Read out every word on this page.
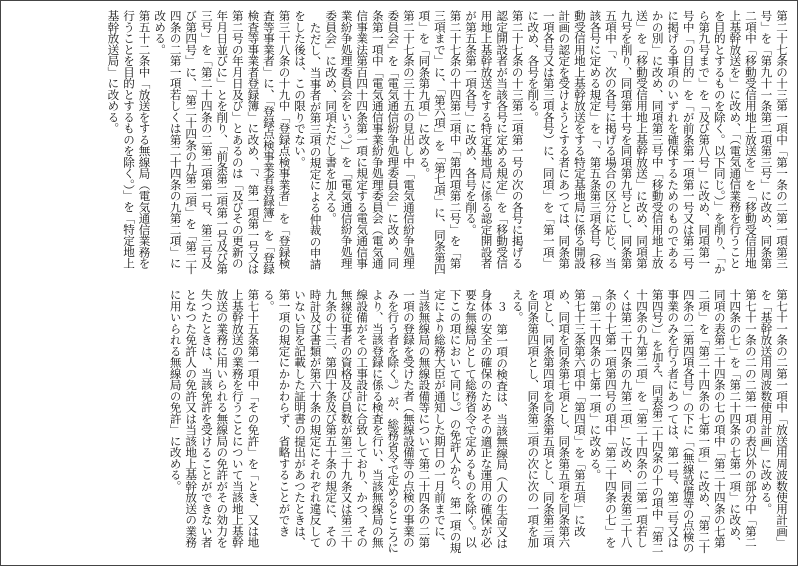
第二十七条の十三第一項中「第一条の二第一項第三号」を「第九十一条第二項第三号」に改め、同条第二項中「移動受信用地上放送を」を「移動受信用地上基幹放送を」に改め、「（電気通信業務を行うことを目的とするものを除く。以下同じ。）」を削り、「から第九号まで」を「及び第八号」に改め、同項第一号中「の目的」を「が前条第一項第一号又は第二号に掲げる事項のいずれを確保するためのものであるかの別」に改め、同項第三号中「移動受信用地上放送」を「移動受信用地上基幹放送」に改め、同項第九号を削り、同項第十号を同項第九号とし、同条第五項中「、次の各号に掲げる場合の区分に応じ、当該各号に定める規定」を「、第五条第三項各号（移動受信用地上基幹放送をする特定基地局に係る開設計画の認定を受けようとする者にあつては、同条第一項各号又は第三項各号）に、同項」を「第一項」に改め、各号を削る。

第二十七条の十三第二項第一号の次の各号に掲げる認定開設者が当該各号に定める規定」を「移動受信用地上基幹放送をする特定基地局に係る認定開設者が第五条第一項各号」に改め、各号を削る。

第二十七条の十四第二項中「第四項第二号」を「第三項まで」に、「第六項」を「第七項」に、同条第四項」を「同条第九項」に改める。

第二十七条の三十五の見出し中「電気通信紛争処理委員会」を「電気通信紛争処理委員会」に改め、同条第一項中「電気通信事業紛争処理委員会（電気通信事業法第百四十四条第一項に規定する電気通信事業紛争処理委員会をいう。）」を「電気通信紛争処理委員会」に改め、同項ただし書を加える。

ただし、当事者が第三項の規定による仲裁の申請をした後は、この限りでない。

第三十八条の十九中「登録点検事業者」を「登録検査等事業者」に、「登録点検事業者登録簿」を「登録検査等事業者登録簿」に改め、「、第一項第一号又は第二号の年月日及び」とあるのは「及びその更新の年月日並びに」とを削り、「前条第二項第一号及び第三号」を「第二十四条の二第二項第一号、第三号及び第四号」に、「第二十四条の九第二項」を「第二十四条の二第一項若しくは第二十四条の九第二項」に改める。

第五十二条中「放送をする無線局（電気通信業務を行うことを目的とするものを除く。）」を「特定地上基幹放送局」に改める。

第七十一条の二第一項中「放送用周波数使用計画」を「基幹放送用周波数使用計画」に改める。

第七十一条の二の二第一項の表以外の部分中「第二十四条の七」を「第二十四条の七第一項」に改め、同項の表第二十四条の七の項中「第二十四条の七第二項」を「第二十四条の七第一項」に改め、「第二十四条の二第四項各号」の下に「（無線設備等の点検の事業のみを行う者にあつては、第一号、第二号又は第四号）」を加え、同表第二十四条の十の項中「第二十四条の九第二項」を「第二十四条の二第一項若しくは第二十四条の九第二項」に改め、同表第三十八条の十七第一項第四号の項中「第二十四条の七」を「第二十四条の七第一項」に改める。

第七十三条第六項中「第四項」を「第五項」に改め、同項を同条第七項とし、同条第五項を同条第六項とし、同条第四項を同条第五項とし、同条第三項を同条第四項とし、同条第二項の次に次の一項を加える。

３　第一項の検査は、当該無線局（人の生命又は身体の安全の確保のためその適正な運用の確保が必要な無線局として総務省令で定めるものを除く。以下この項において同じ。）の免許人から、第一項の規定により総務大臣が通知した期日の一月前までに、当該無線局の無線設備等について第二十四条の二第一項の登録を受けた者（無線設備等の点検の事業のみを行う者を除く。）が、総務省令で定めるところにより、当該登録に係る検査を行い、当該無線局の無線設備がその工事設計に合致しており、かつ、その無線従事者の資格及び員数が第三十九条又は第三十九条の十三、第四十条及び第五十条の規定に、その時計及び書類が第六十条の規定にそれぞれ違反していない旨を記載した証明書の提出があつたときは、第一項の規定にかかわらず、省略することができる。

第七十五条第一項中「その免許」を「とき、又は地上基幹放送の業務を行うことについて当該地上基幹放送の業務に用いられる無線局の免許がその効力を失つたときは、当該免許を受けることができない者となつた免許人の免許又は当該地上基幹放送の業務に用いられる無線局の免許」に改める。
